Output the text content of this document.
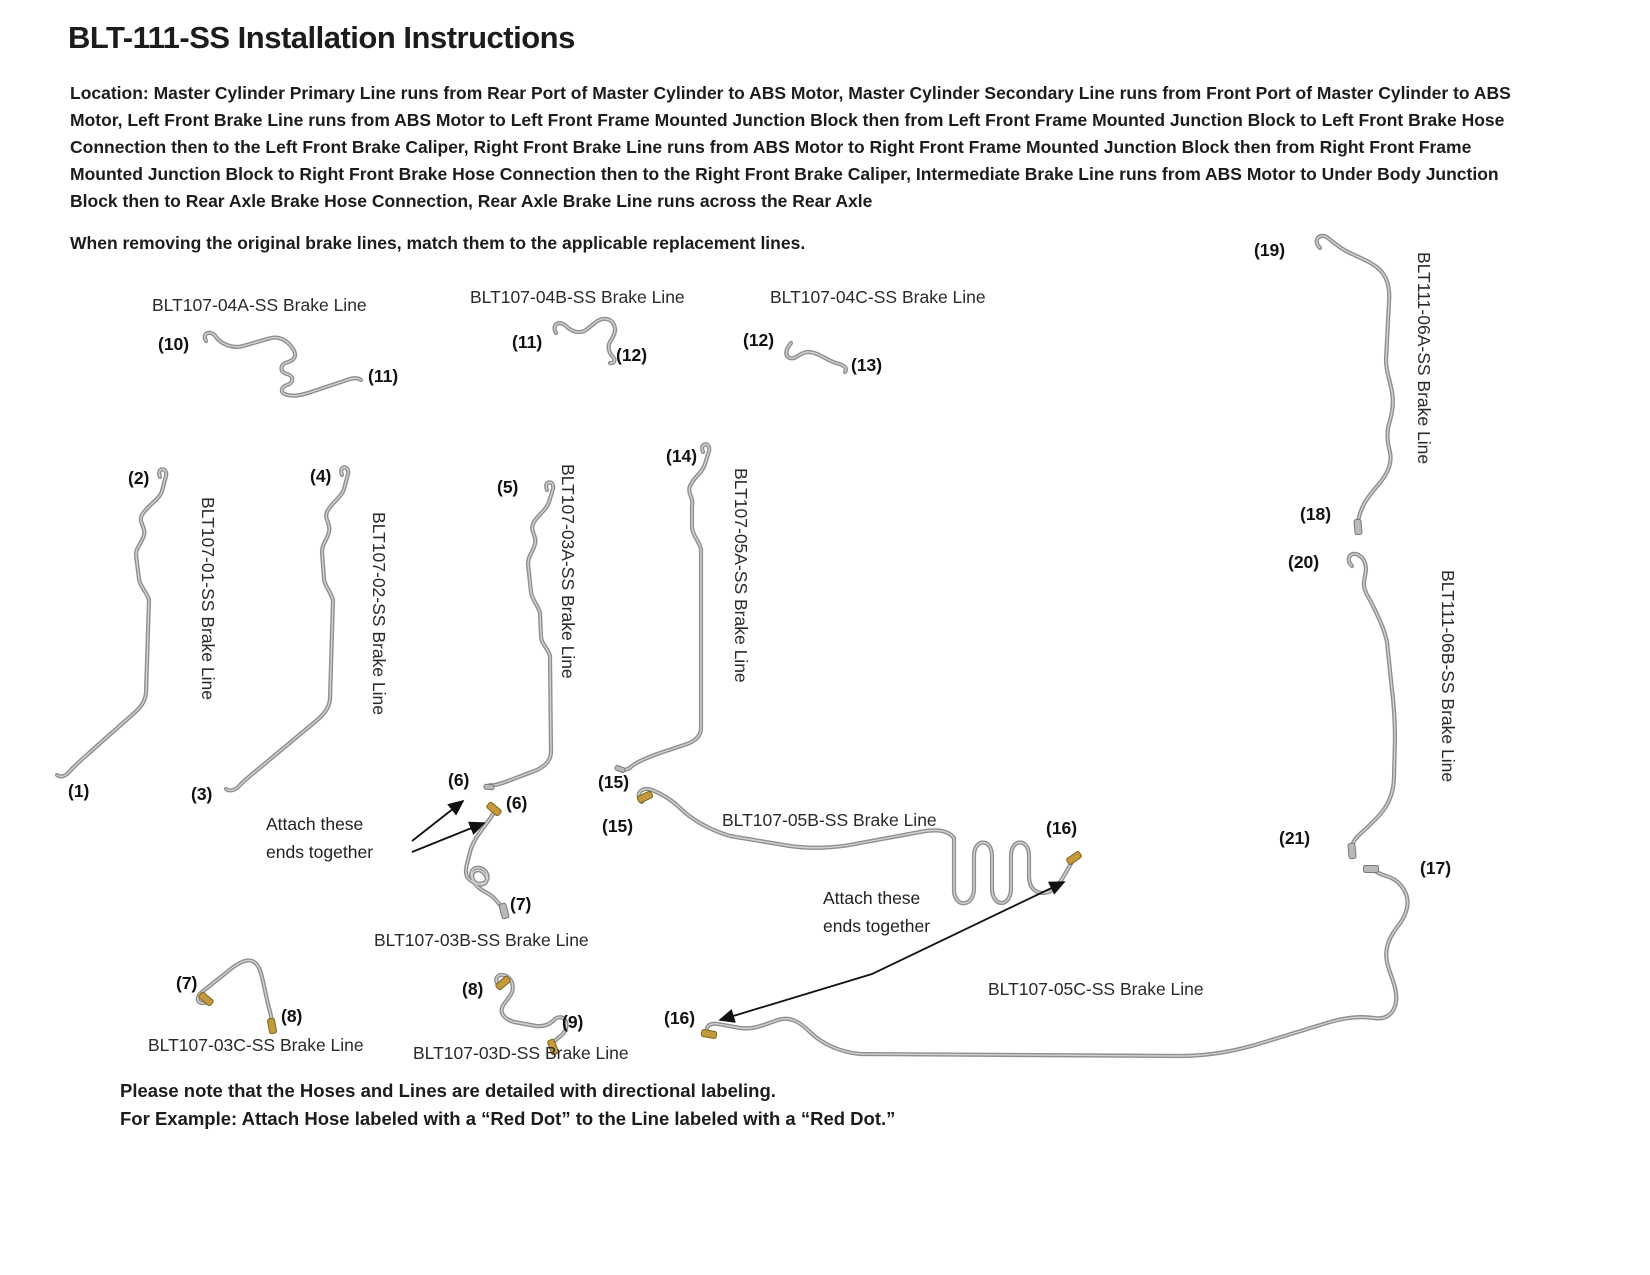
BLT-111-SS Installation Instructions
Location: Master Cylinder Primary Line runs from Rear Port of Master Cylinder to ABS Motor, Master Cylinder Secondary Line runs from Front Port of Master Cylinder to ABS Motor, Left Front Brake Line runs from ABS Motor to Left Front Frame Mounted Junction Block then from Left Front Frame Mounted Junction Block to Left Front Brake Hose Connection then to the Left Front Brake Caliper, Right Front Brake Line runs from ABS Motor to Right Front Frame Mounted Junction Block then from Right Front Frame Mounted Junction Block to Right Front Brake Hose Connection then to the Right Front Brake Caliper, Intermediate Brake Line runs from ABS Motor to Under Body Junction Block then to Rear Axle Brake Hose Connection, Rear Axle Brake Line runs across the Rear Axle
When removing the original brake lines, match them to the applicable replacement lines.
BLT107-04A-SS Brake Line	BLT107-04B-SS Brake Line	BLT107-04C-SS Brake Line
BLT107-03B-SS Brake Line
BLT107-05B-SS Brake Line
BLT107-03C-SS Brake Line	BLT107-03D-SS Brake Line
BLT107-05C-SS Brake Line
BLT107-01-SS Brake Line	BLT107-02-SS Brake Line	BLT107-03A-SS Brake Line	BLT107-05A-SS Brake Line
BLT111-06A-SS Brake Line
BLT111-06B-SS Brake Line
(10)
(11)
(11)
(12)
(12)
(13)
(2)
(1)
(4)
(3)
(5)
(6)
(14)
(15)
(6)
(7)
(15)	(16)
(7)
(8)
(8)
(9)	(16)
(17)
(19)
(18)
(20)
(21)
Attach these
ends together
Attach these
ends together
Please note that the Hoses and Lines are detailed with directional labeling.
For Example: Attach Hose labeled with a “Red Dot” to the Line labeled with a “Red Dot.”
